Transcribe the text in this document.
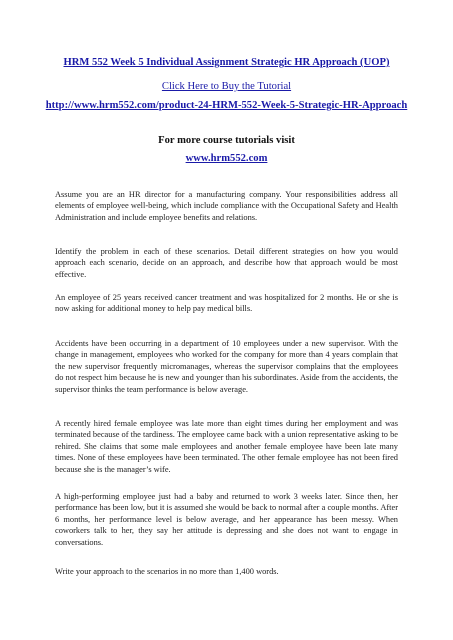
HRM 552 Week 5 Individual Assignment Strategic HR Approach (UOP)
Click Here to Buy the Tutorial
http://www.hrm552.com/product-24-HRM-552-Week-5-Strategic-HR-Approach
For more course tutorials visit
www.hrm552.com

Assume you are an HR director for a manufacturing company. Your responsibilities address all elements of employee well-being, which include compliance with the Occupational Safety and Health Administration and include employee benefits and relations.

Identify the problem in each of these scenarios. Detail different strategies on how you would approach each scenario, decide on an approach, and describe how that approach would be most effective.

An employee of 25 years received cancer treatment and was hospitalized for 2 months. He or she is now asking for additional money to help pay medical bills.

Accidents have been occurring in a department of 10 employees under a new supervisor. With the change in management, employees who worked for the company for more than 4 years complain that the new supervisor frequently micromanages, whereas the supervisor complains that the employees do not respect him because he is new and younger than his subordinates. Aside from the accidents, the supervisor thinks the team performance is below average.

A recently hired female employee was late more than eight times during her employment and was terminated because of the tardiness. The employee came back with a union representative asking to be rehired. She claims that some male employees and another female employee have been late many times. None of these employees have been terminated. The other female employee has not been fired because she is the manager’s wife.

A high-performing employee just had a baby and returned to work 3 weeks later. Since then, her performance has been low, but it is assumed she would be back to normal after a couple months. After 6 months, her performance level is below average, and her appearance has been messy. When coworkers talk to her, they say her attitude is depressing and she does not want to engage in conversations.

Write your approach to the scenarios in no more than 1,400 words.
